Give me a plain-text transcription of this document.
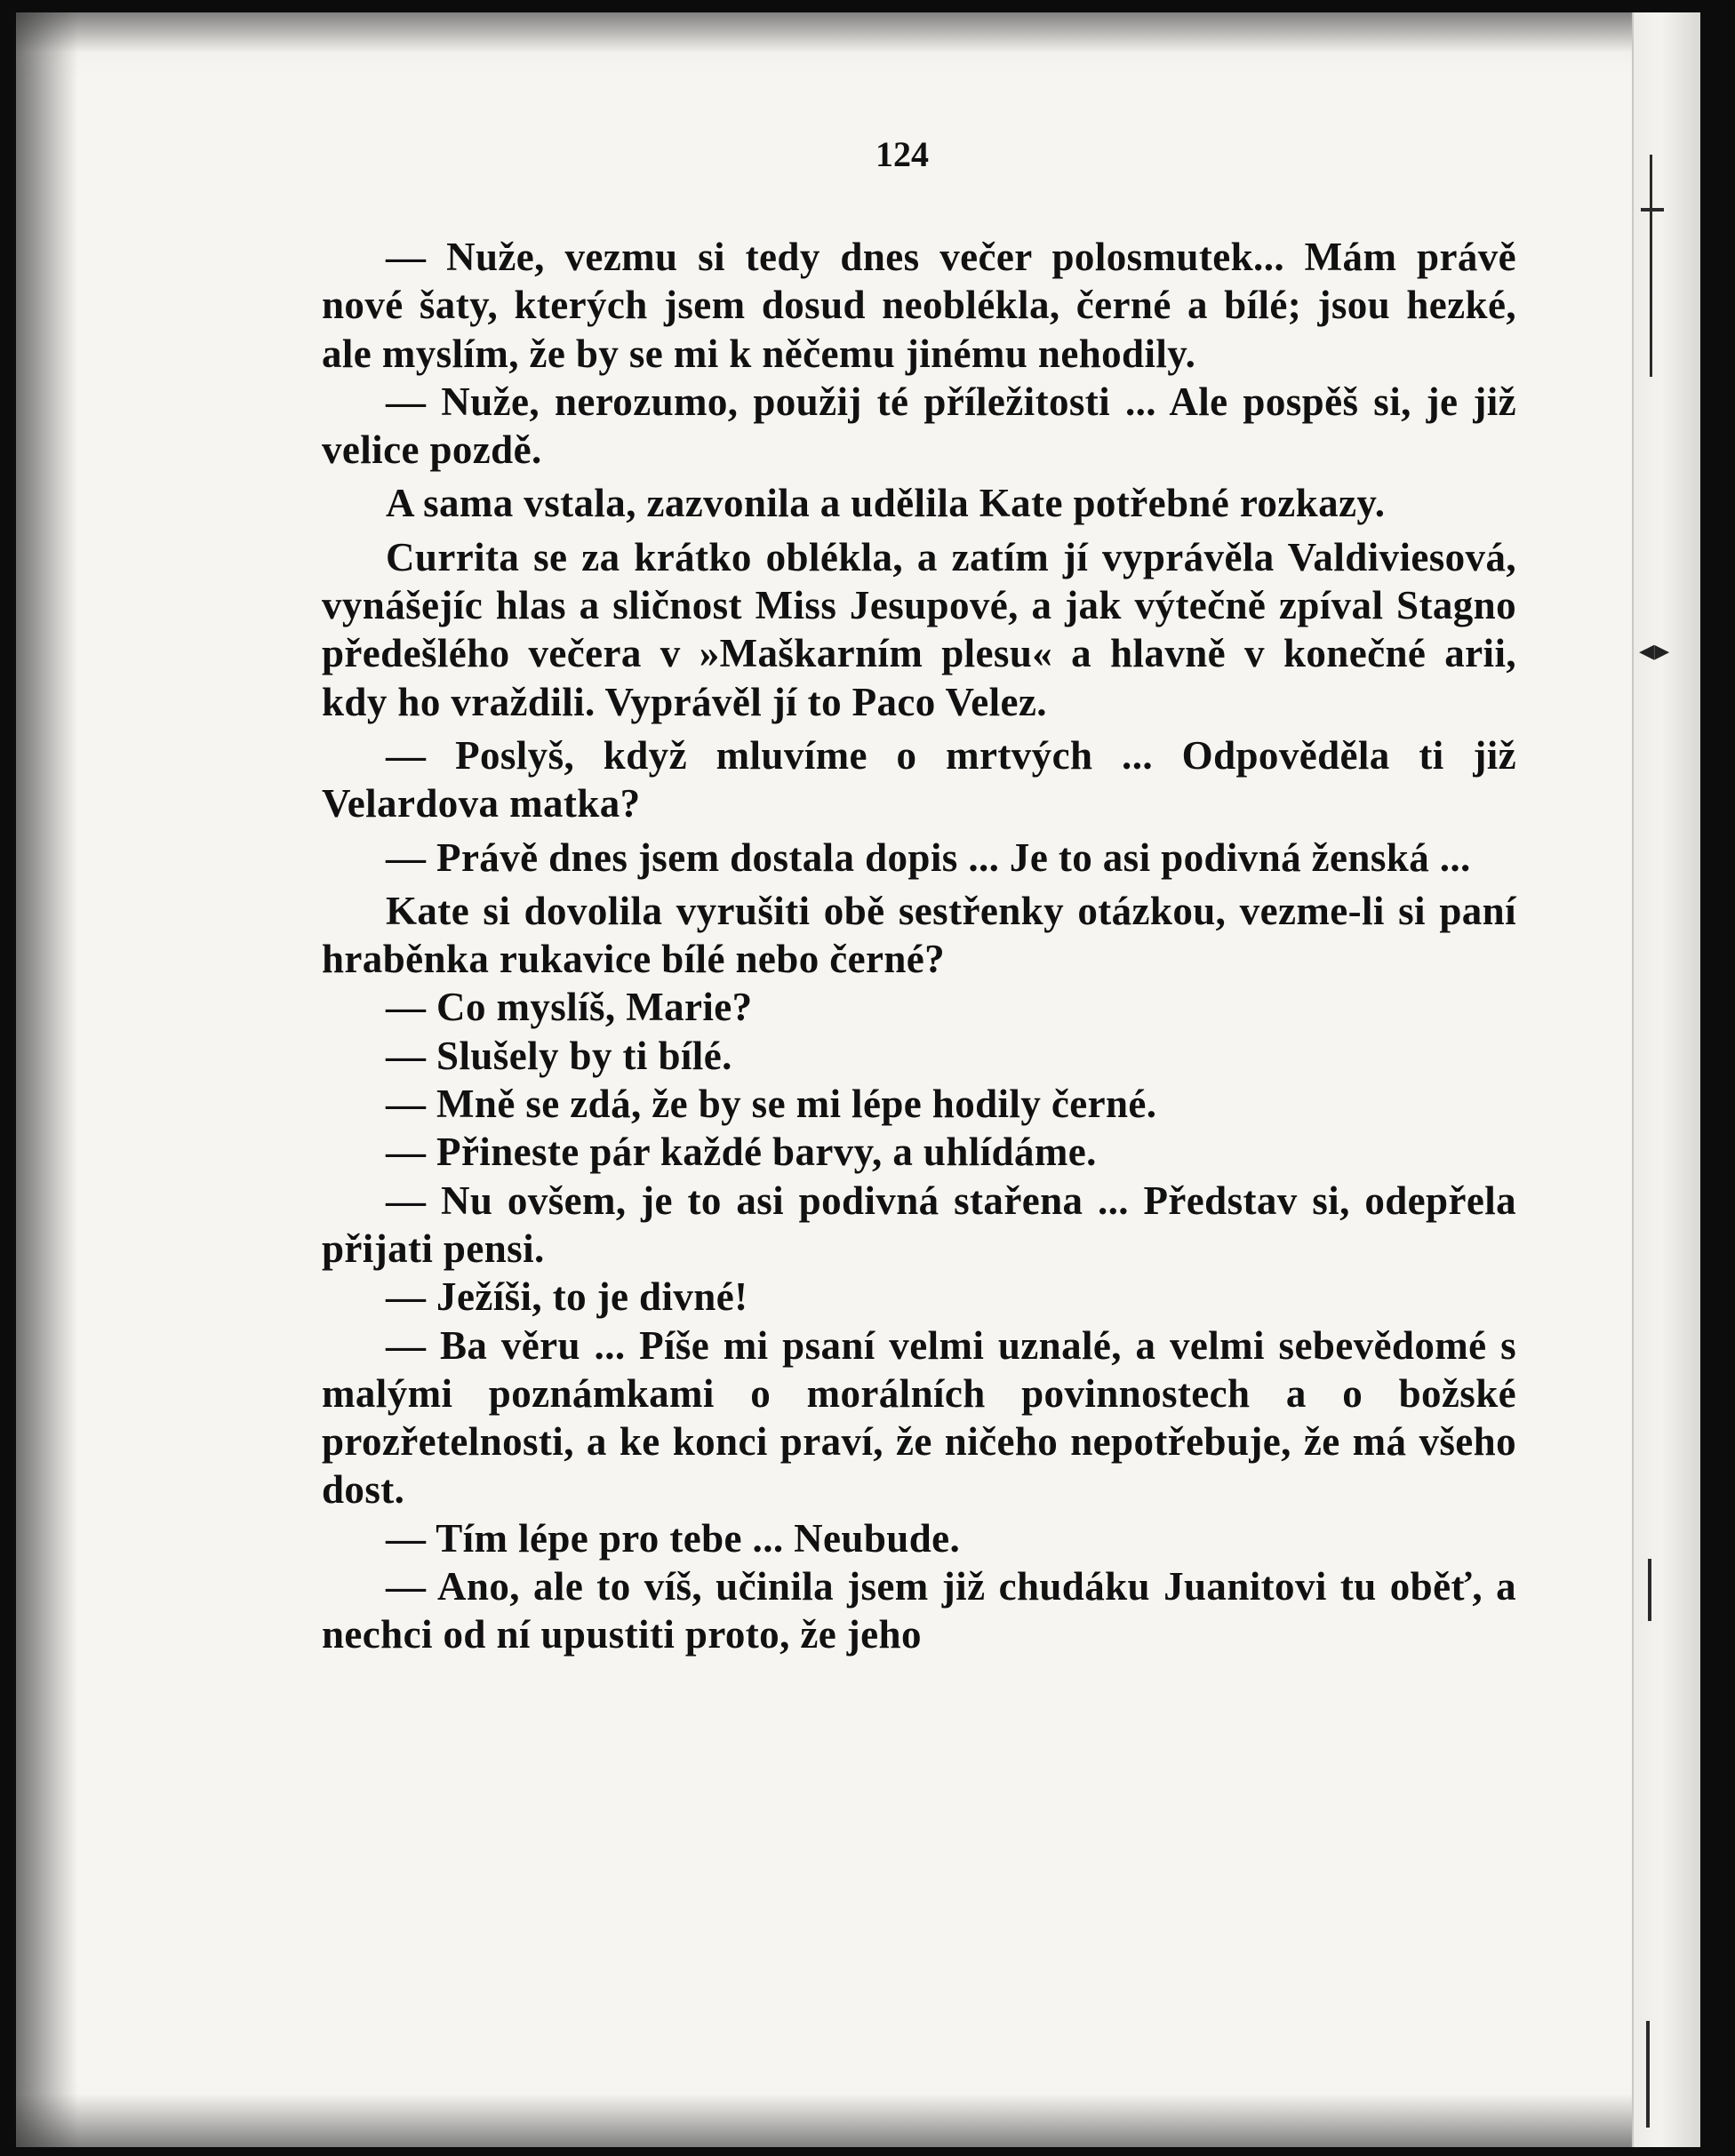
◂▸

124

— Nuže, vezmu si tedy dnes večer polosmutek... Mám právě nové šaty, kterých jsem dosud neoblékla, černé a bílé; jsou hezké, ale myslím, že by se mi k něčemu jinému nehodily.

— Nuže, nerozumo, použij té příležitosti ... Ale pospěš si, je již velice pozdě.

A sama vstala, zazvonila a udělila Kate potřebné rozkazy.

Currita se za krátko oblékla, a zatím jí vyprávěla Valdiviesová, vynášejíc hlas a sličnost Miss Jesupové, a jak výtečně zpíval Stagno předešlého večera v »Maškarním plesu« a hlavně v konečné arii, kdy ho vraždili. Vyprávěl jí to Paco Velez.

— Poslyš, když mluvíme o mrtvých ... Odpověděla ti již Velardova matka?

— Právě dnes jsem dostala dopis ... Je to asi podivná ženská ...

Kate si dovolila vyrušiti obě sestřenky otázkou, vezme-li si paní hraběnka rukavice bílé nebo černé?

— Co myslíš, Marie?

— Slušely by ti bílé.

— Mně se zdá, že by se mi lépe hodily černé.

— Přineste pár každé barvy, a uhlídáme.

— Nu ovšem, je to asi podivná stařena ... Představ si, odepřela přijati pensi.

— Ježíši, to je divné!

— Ba věru ... Píše mi psaní velmi uznalé, a velmi sebevědomé s malými poznámkami o morálních povinnostech a o božské prozřetelnosti, a ke konci praví, že ničeho nepotřebuje, že má všeho dost.

— Tím lépe pro tebe ... Neubude.

— Ano, ale to víš, učinila jsem již chudáku Juanitovi tu oběť, a nechci od ní upustiti proto, že jeho
